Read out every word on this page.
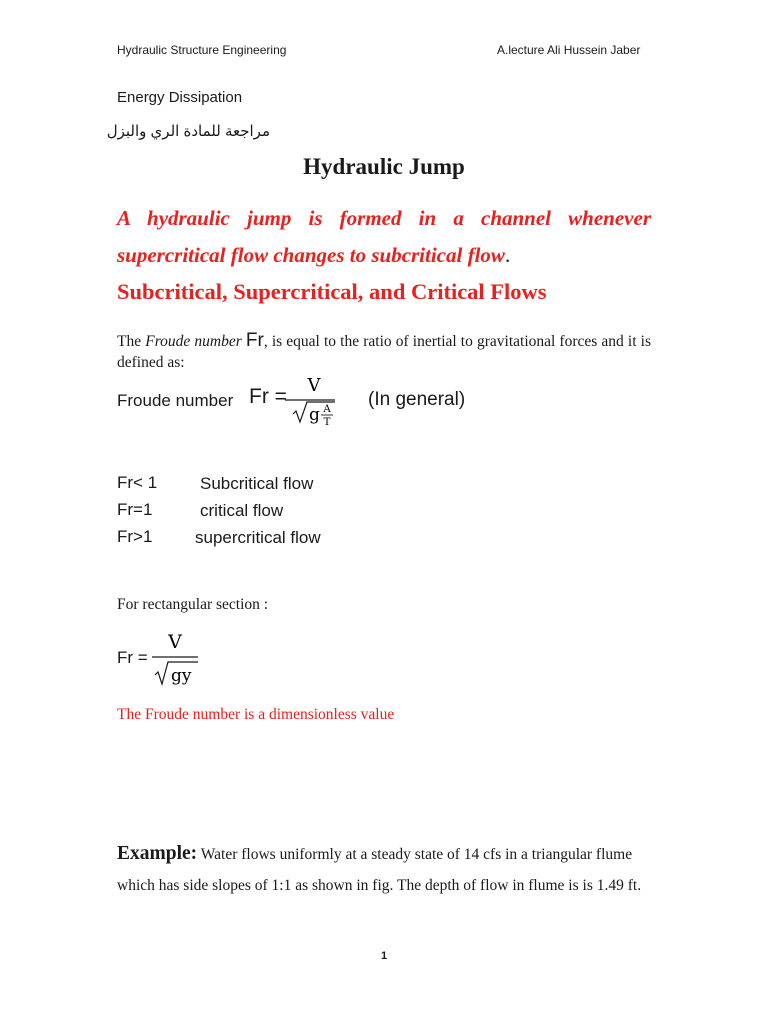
Hydraulic Structure Engineering	A.lecture Ali Hussein Jaber
Energy Dissipation
مراجعة للمادة الري والبزل
Hydraulic Jump
A hydraulic jump is formed in a channel whenever supercritical flow changes to subcritical flow.
Subcritical, Supercritical, and Critical Flows
The Froude number Fr, is equal to the ratio of inertial to gravitational forces and it is defined as:
Froude number Fr = V
g A
T
(In general)
Fr< 1	Subcritical flow
Fr=1	critical flow
Fr>1	supercritical flow
For rectangular section :
Fr =
V
gy
The Froude number is a dimensionless value
Example: Water flows uniformly at a steady state of 14 cfs in a triangular flume which has side slopes of 1:1 as shown in fig. The depth of flow in flume is is 1.49 ft.
1
